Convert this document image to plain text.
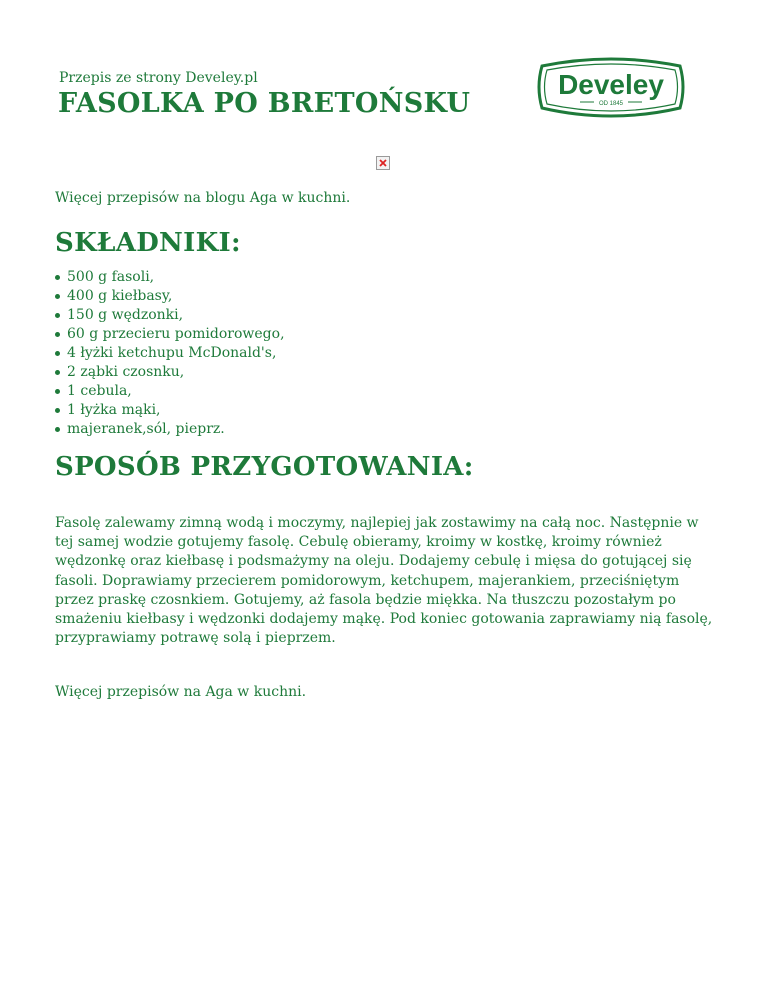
Przepis ze strony Develey.pl
FASOLKA PO BRETOŃSKU
Develey
OD 1845
Więcej przepisów na blogu Aga w kuchni.
SKŁADNIKI:
500 g fasoli,
400 g kiełbasy,
150 g wędzonki,
60 g przecieru pomidorowego,
4 łyżki ketchupu McDonald's,
2 ząbki czosnku,
1 cebula,
1 łyżka mąki,
majeranek,sól, pieprz.
SPOSÓB PRZYGOTOWANIA:

Fasolę zalewamy zimną wodą i moczymy, najlepiej jak zostawimy na całą noc. Następnie w tej samej wodzie gotujemy fasolę. Cebulę obieramy, kroimy w kostkę, kroimy również wędzonkę oraz kiełbasę i podsmażymy na oleju. Dodajemy cebulę i mięsa do gotującej się fasoli. Doprawiamy przecierem pomidorowym, ketchupem, majerankiem, przeciśniętym przez praskę czosnkiem. Gotujemy, aż fasola będzie miękka. Na tłuszczu pozostałym po smażeniu kiełbasy i wędzonki dodajemy mąkę. Pod koniec gotowania zaprawiamy nią fasolę, przyprawiamy potrawę solą i pieprzem.

Więcej przepisów na Aga w kuchni.
